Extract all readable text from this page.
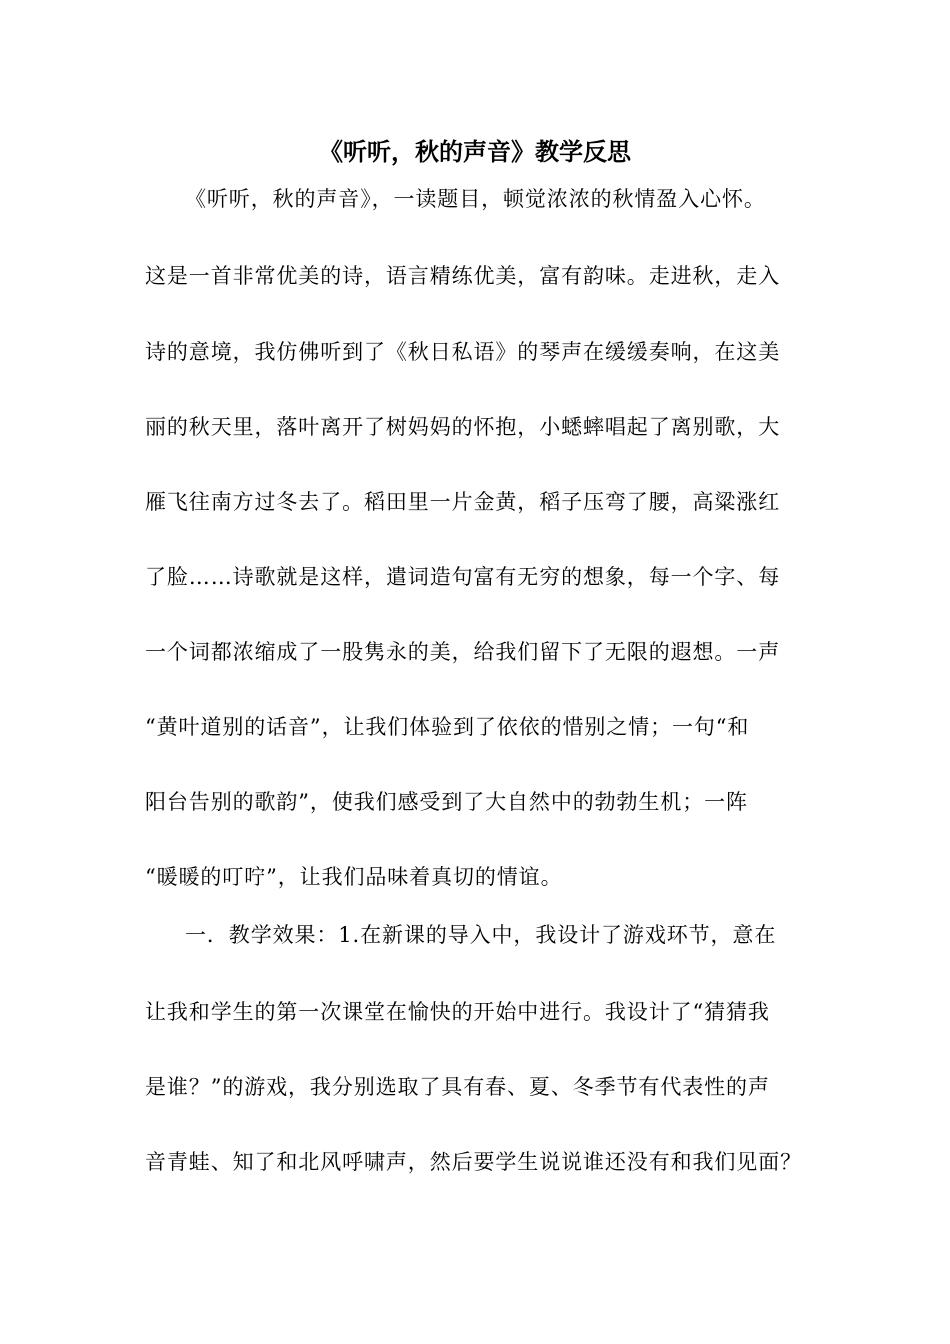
《听听，秋的声音》教学反思
《听听，秋的声音》，一读题目，顿觉浓浓的秋情盈入心怀。
这是一首非常优美的诗，语言精练优美，富有韵味。走进秋，走入
诗的意境，我仿佛听到了《秋日私语》的琴声在缓缓奏响，在这美
丽的秋天里，落叶离开了树妈妈的怀抱，小蟋蟀唱起了离别歌，大
雁飞往南方过冬去了。稻田里一片金黄，稻子压弯了腰，高粱涨红
了脸……诗歌就是这样，遣词造句富有无穷的想象，每一个字、每
一个词都浓缩成了一股隽永的美，给我们留下了无限的遐想。一声
“黄叶道别的话音”，让我们体验到了依依的惜别之情；一句“和
阳台告别的歌韵”，使我们感受到了大自然中的勃勃生机；一阵
“暖暖的叮咛”，让我们品味着真切的情谊。
一．教学效果：1.在新课的导入中，我设计了游戏环节，意在
让我和学生的第一次课堂在愉快的开始中进行。我设计了“猜猜我
是谁？”的游戏，我分别选取了具有春、夏、冬季节有代表性的声
音青蛙、知了和北风呼啸声，然后要学生说说谁还没有和我们见面？
